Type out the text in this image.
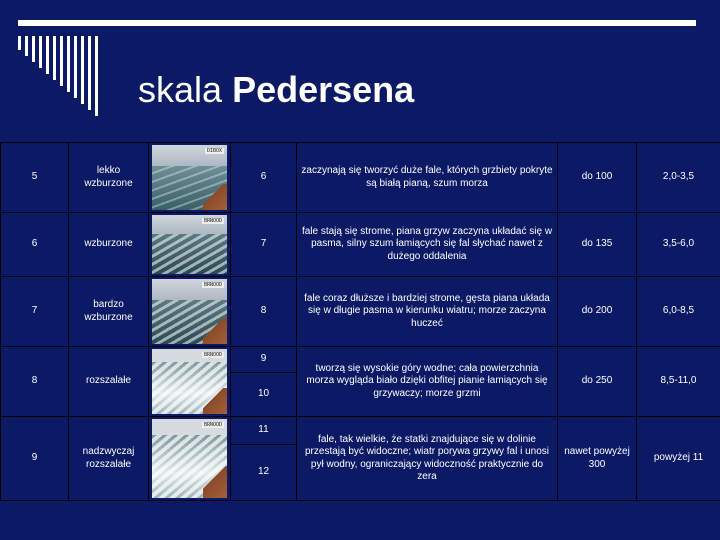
skala Pedersena
5	lekko wzburzone	DIBOX	6	zaczynają się tworzyć duże fale, których grzbiety pokryte są białą pianą, szum morza	do 100	2,0-3,5
6	wzburzone	BRNOOD	7	fale stają się strome, piana grzyw zaczyna układać się w pasma, silny szum łamiących się fal słychać nawet z dużego oddalenia	do 135	3,5-6,0
7	bardzo wzburzone	BRNOOD	8	fale coraz dłuższe i bardziej strome, gęsta piana układa się w długie pasma w kierunku wiatru; morze zaczyna huczeć	do 200	6,0-8,5
8	rozszalałe	BRNOOD	9	tworzą się wysokie góry wodne; cała powierzchnia morza wygląda biało dzięki obfitej pianie łamiących się grzywaczy; morze grzmi	do 250	8,5-11,0
			10			
9	nadzwyczaj rozszalałe	BRNOOD	11	fale, tak wielkie, że statki znajdujące się w dolinie przestają być widoczne; wiatr porywa grzywy fal i unosi pył wodny, ograniczający widoczność praktycznie do zera	nawet powyżej 300	powyżej 11
			12			
